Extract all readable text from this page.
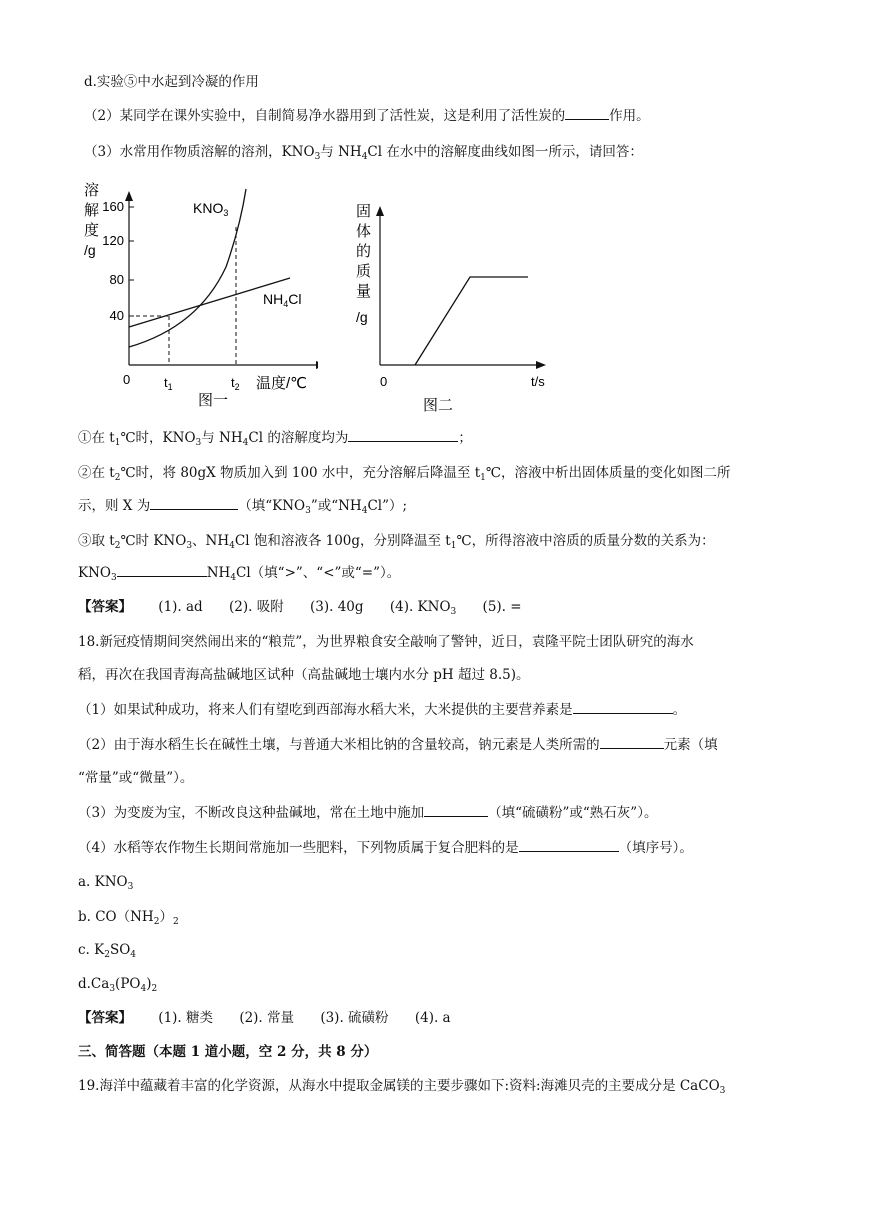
d.实验⑤中水起到冷凝的作用
（2）某同学在课外实验中，自制简易净水器用到了活性炭，这是利用了活性炭的	作用。
（3）水常用作物质溶解的溶剂，$KNO_3$与 $NH_4Cl$ 在水中的溶解度曲线如图一所示，请回答：
溶
解
度
/g
160
120
80
40
0
$KNO_3$
$NH_4Cl$
$t_1$	$t_2$ 温度/℃
图一
固
体
的
质
量
/g
0	t/s
图二
①在 $t_1℃$时，$KNO_3$与 $NH_4Cl$ 的溶解度均为	；
②在 $t_2℃$时，将 80gX 物质加入到 100 水中，充分溶解后降温至 $t_1℃$，溶液中析出固体质量的变化如图二所
示，则 X 为	（填“$KNO_3$”或“$NH_4Cl$”）;
③取 $t_2℃$时 $KNO_3$、$NH_4Cl$ 饱和溶液各 100g，分别降温至 $t_1℃$，所得溶液中溶质的质量分数的关系为：
$KNO_3$	$NH_4Cl$（填“>”、“<”或“=”）。
【答案】 (1). ad (2). 吸附 (3). 40g (4). $KNO_3$ (5). =
18.新冠疫情期间突然闹出来的“粮荒”，为世界粮食安全敲响了警钟，近日，袁隆平院士团队研究的海水
稻，再次在我国青海高盐碱地区试种（高盐碱地士壤内水分 pH 超过 8.5)。
（1）如果试种成功，将来人们有望吃到西部海水稻大米，大米提供的主要营养素是	。
（2）由于海水稻生长在碱性土壤，与普通大米相比钠的含量较高，钠元素是人类所需的	元素（填
“常量”或“微量”）。
（3）为变废为宝，不断改良这种盐碱地，常在土地中施加	（填“硫磺粉”或“熟石灰”）。
（4）水稻等农作物生长期间常施加一些肥料，下列物质属于复合肥料的是	（填序号）。
a. $KNO_3$
b. $CO(NH_2)_2$
c. $K_2SO_4$
$d.Ca_3(PO_4)_2$
【答案】 (1). 糖类 (2). 常量 (3). 硫磺粉 (4). a
三、简答题（本题 1 道小题，空 2 分，共 8 分）
19.海洋中蕴藏着丰富的化学资源，从海水中提取金属镁的主要步骤如下:资料:海滩贝壳的主要成分是 CaCO$_3$
